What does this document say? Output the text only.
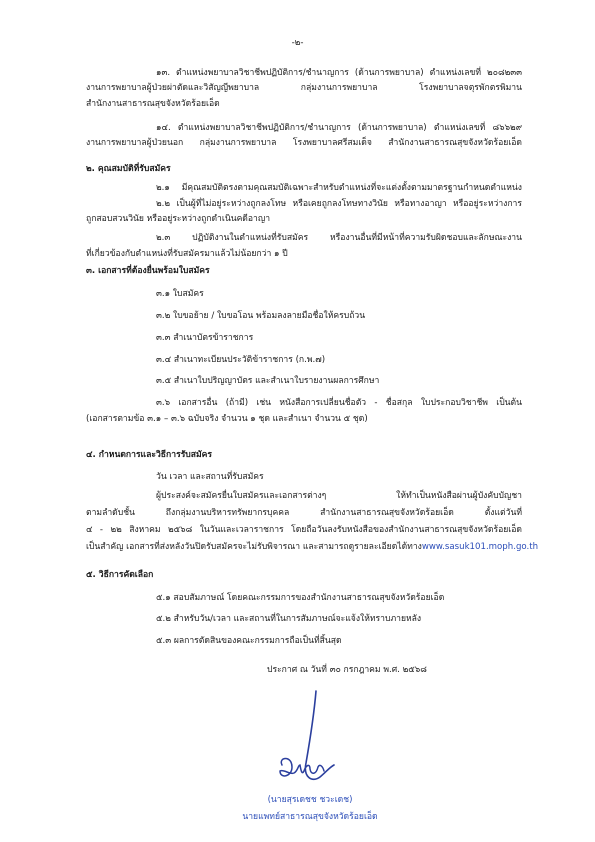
-๒-
๑๓. ตำแหน่งพยาบาลวิชาชีพปฏิบัติการ/ชำนาญการ (ด้านการพยาบาล) ตำแหน่งเลขที่ ๒๐๘๒๓๓
งานการพยาบาลผู้ป่วยผ่าตัดและวิสัญญีพยาบาล กลุ่มงานการพยาบาล โรงพยาบาลจตุรพักตรพิมาน
สำนักงานสาธารณสุขจังหวัดร้อยเอ็ด
๑๔. ตำแหน่งพยาบาลวิชาชีพปฏิบัติการ/ชำนาญการ (ด้านการพยาบาล) ตำแหน่งเลขที่ ๘๖๖๒๙
งานการพยาบาลผู้ป่วยนอก กลุ่มงานการพยาบาล โรงพยาบาลศรีสมเด็จ สำนักงานสาธารณสุขจังหวัดร้อยเอ็ด
๒. คุณสมบัติที่รับสมัคร
๒.๑ มีคุณสมบัติตรงตามคุณสมบัติเฉพาะสำหรับตำแหน่งที่จะแต่งตั้งตามมาตรฐานกำหนดตำแหน่ง
๒.๒ เป็นผู้ที่ไม่อยู่ระหว่างถูกลงโทษ หรือเคยถูกลงโทษทางวินัย หรือทางอาญา หรืออยู่ระหว่างการ
ถูกสอบสวนวินัย หรืออยู่ระหว่างถูกดำเนินคดีอาญา
๒.๓ ปฏิบัติงานในตำแหน่งที่รับสมัคร หรืองานอื่นที่มีหน้าที่ความรับผิดชอบและลักษณะงาน
ที่เกี่ยวข้องกับตำแหน่งที่รับสมัครมาแล้วไม่น้อยกว่า ๑ ปี
๓. เอกสารที่ต้องยื่นพร้อมใบสมัคร
๓.๑ ใบสมัคร
๓.๒ ใบขอย้าย / ใบขอโอน พร้อมลงลายมือชื่อให้ครบถ้วน
๓.๓ สำเนาบัตรข้าราชการ
๓.๔ สำเนาทะเบียนประวัติข้าราชการ (ก.พ.๗)
๓.๕ สำเนาใบปริญญาบัตร และสำเนาใบรายงานผลการศึกษา
๓.๖ เอกสารอื่น (ถ้ามี) เช่น หนังสือการเปลี่ยนชื่อตัว - ชื่อสกุล ใบประกอบวิชาชีพ เป็นต้น
(เอกสารตามข้อ ๓.๑ – ๓.๖ ฉบับจริง จำนวน ๑ ชุด และสำเนา จำนวน ๕ ชุด)
๔. กำหนดการและวิธีการรับสมัคร
วัน เวลา และสถานที่รับสมัคร
ผู้ประสงค์จะสมัครยื่นใบสมัครและเอกสารต่างๆ ให้ทำเป็นหนังสือผ่านผู้บังคับบัญชา
ตามลำดับชั้น ถึงกลุ่มงานบริหารทรัพยากรบุคคล สำนักงานสาธารณสุขจังหวัดร้อยเอ็ด ตั้งแต่วันที่
๔ - ๒๒ สิงหาคม ๒๕๖๘ ในวันและเวลาราชการ โดยถือวันลงรับหนังสือของสำนักงานสาธารณสุขจังหวัดร้อยเอ็ด
เป็นสำคัญ เอกสารที่ส่งหลังวันปิดรับสมัครจะไม่รับพิจารณา และสามารถดูรายละเอียดได้ทาง www.sasuk101.moph.go.th
๕. วิธีการคัดเลือก
๕.๑ สอบสัมภาษณ์ โดยคณะกรรมการของสำนักงานสาธารณสุขจังหวัดร้อยเอ็ด
๕.๒ สำหรับวัน/เวลา และสถานที่ในการสัมภาษณ์จะแจ้งให้ทราบภายหลัง
๕.๓ ผลการตัดสินของคณะกรรมการถือเป็นที่สิ้นสุด
ประกาศ ณ วันที่ ๓๐ กรกฎาคม พ.ศ. ๒๕๖๘
(นายสุรเดชช ชวะเดช)
นายแพทย์สาธารณสุขจังหวัดร้อยเอ็ด
